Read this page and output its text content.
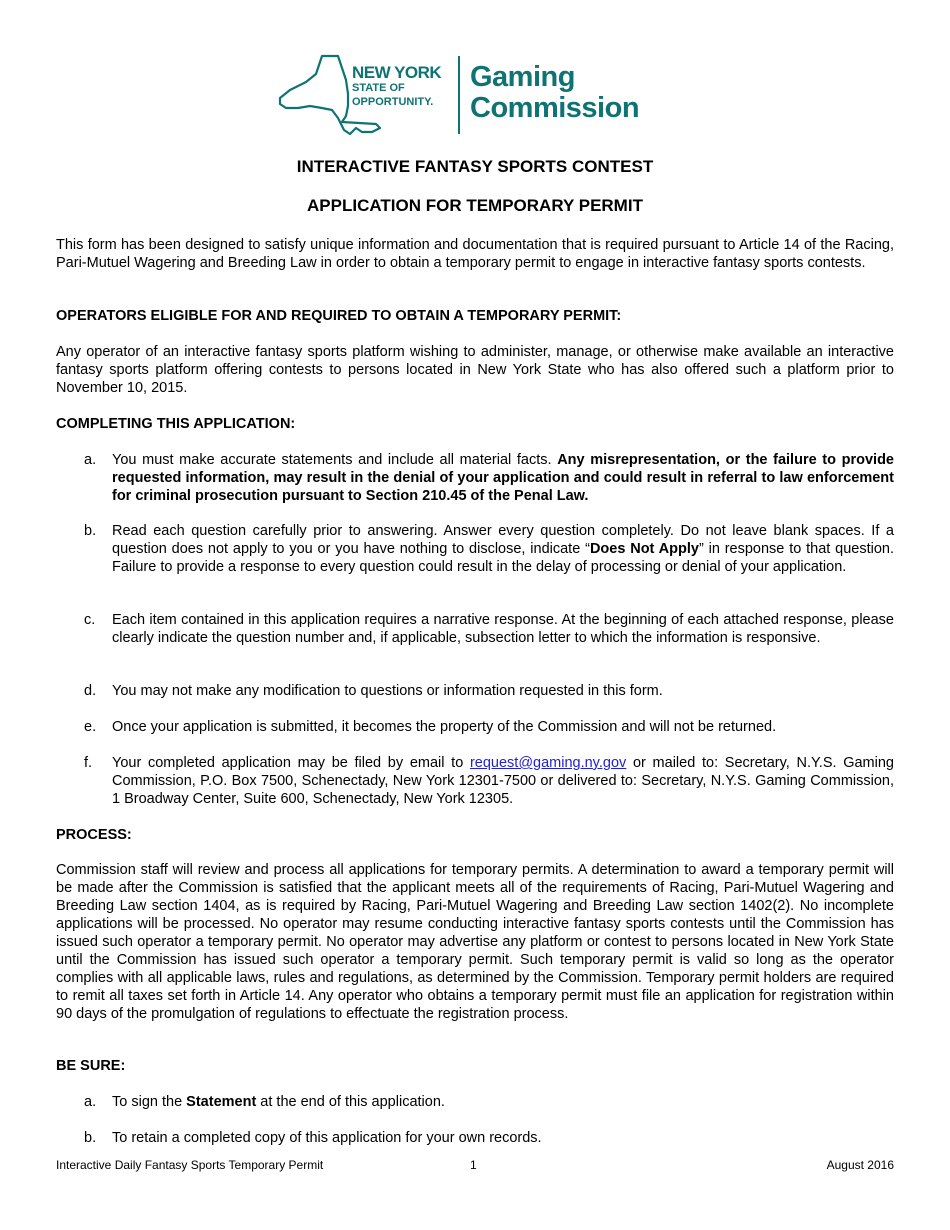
NEW YORK
STATE OF
OPPORTUNITY.
Gaming
Commission
INTERACTIVE FANTASY SPORTS CONTEST
APPLICATION FOR TEMPORARY PERMIT
This form has been designed to satisfy unique information and documentation that is required pursuant to Article 14 of the Racing, Pari-Mutuel Wagering and Breeding Law in order to obtain a temporary permit to engage in interactive fantasy sports contests.
OPERATORS ELIGIBLE FOR AND REQUIRED TO OBTAIN A TEMPORARY PERMIT:
Any operator of an interactive fantasy sports platform wishing to administer, manage, or otherwise make available an interactive fantasy sports platform offering contests to persons located in New York State who has also offered such a platform prior to November 10, 2015.
COMPLETING THIS APPLICATION:
a. You must make accurate statements and include all material facts. Any misrepresentation, or the failure to provide requested information, may result in the denial of your application and could result in referral to law enforcement for criminal prosecution pursuant to Section 210.45 of the Penal Law.
b. Read each question carefully prior to answering. Answer every question completely. Do not leave blank spaces. If a question does not apply to you or you have nothing to disclose, indicate “Does Not Apply” in response to that question. Failure to provide a response to every question could result in the delay of processing or denial of your application.
c. Each item contained in this application requires a narrative response. At the beginning of each attached response, please clearly indicate the question number and, if applicable, subsection letter to which the information is responsive.
d. You may not make any modification to questions or information requested in this form.
e. Once your application is submitted, it becomes the property of the Commission and will not be returned.
f. Your completed application may be filed by email to request@gaming.ny.gov or mailed to: Secretary, N.Y.S. Gaming Commission, P.O. Box 7500, Schenectady, New York 12301-7500 or delivered to: Secretary, N.Y.S. Gaming Commission, 1 Broadway Center, Suite 600, Schenectady, New York 12305.
PROCESS:
Commission staff will review and process all applications for temporary permits. A determination to award a temporary permit will be made after the Commission is satisfied that the applicant meets all of the requirements of Racing, Pari-Mutuel Wagering and Breeding Law section 1404, as is required by Racing, Pari-Mutuel Wagering and Breeding Law section 1402(2). No incomplete applications will be processed. No operator may resume conducting interactive fantasy sports contests until the Commission has issued such operator a temporary permit. No operator may advertise any platform or contest to persons located in New York State until the Commission has issued such operator a temporary permit. Such temporary permit is valid so long as the operator complies with all applicable laws, rules and regulations, as determined by the Commission. Temporary permit holders are required to remit all taxes set forth in Article 14. Any operator who obtains a temporary permit must file an application for registration within 90 days of the promulgation of regulations to effectuate the registration process.
BE SURE:
a. To sign the Statement at the end of this application.
b. To retain a completed copy of this application for your own records.
Interactive Daily Fantasy Sports Temporary Permit	1	August 2016
